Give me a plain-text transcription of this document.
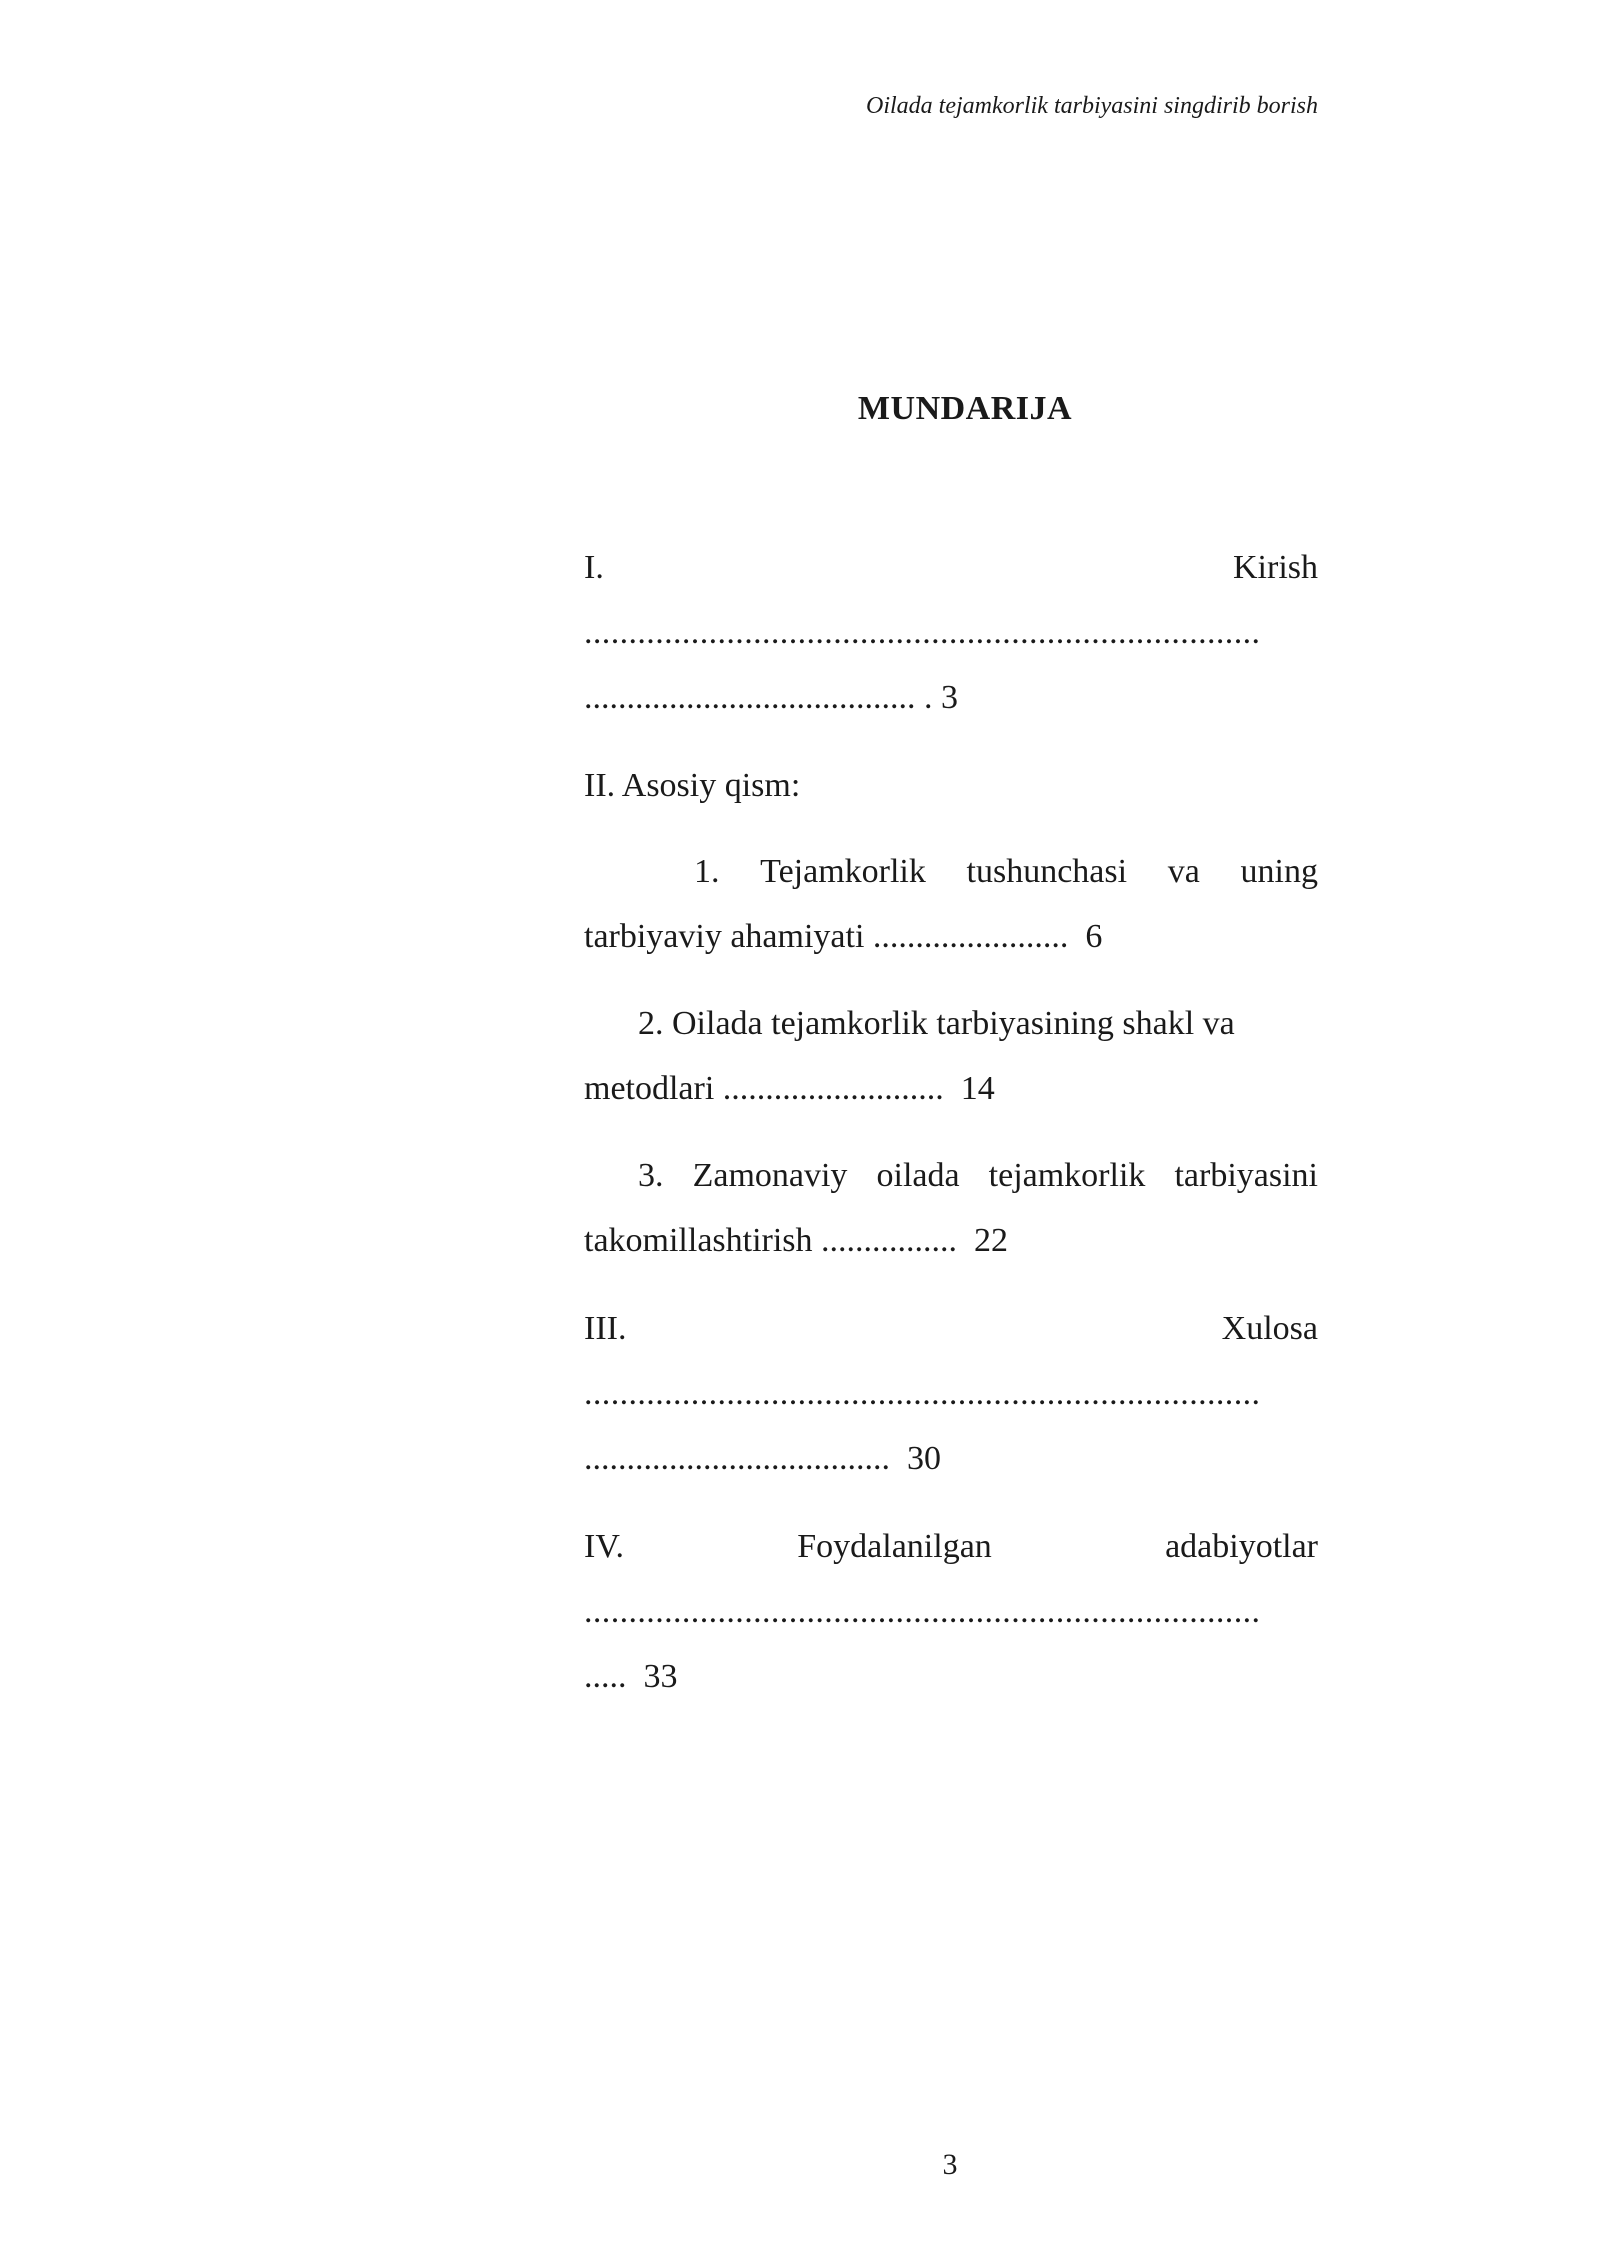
Oilada tejamkorlik tarbiyasini singdirib borish
MUNDARIJA
I.	Kirish
............................................................................
....................................... . 3
II. Asosiy qism:
1. Tejamkorlik tushunchasi va uning
tarbiyaviy ahamiyati .......................  6
2. Oilada tejamkorlik tarbiyasining shakl va
metodlari ..........................  14
3. Zamonaviy oilada tejamkorlik tarbiyasini
takomillashtirish ................  22
III.	Xulosa
............................................................................
....................................  30
IV.	Foydalanilgan	adabiyotlar
............................................................................
.....  33
3
